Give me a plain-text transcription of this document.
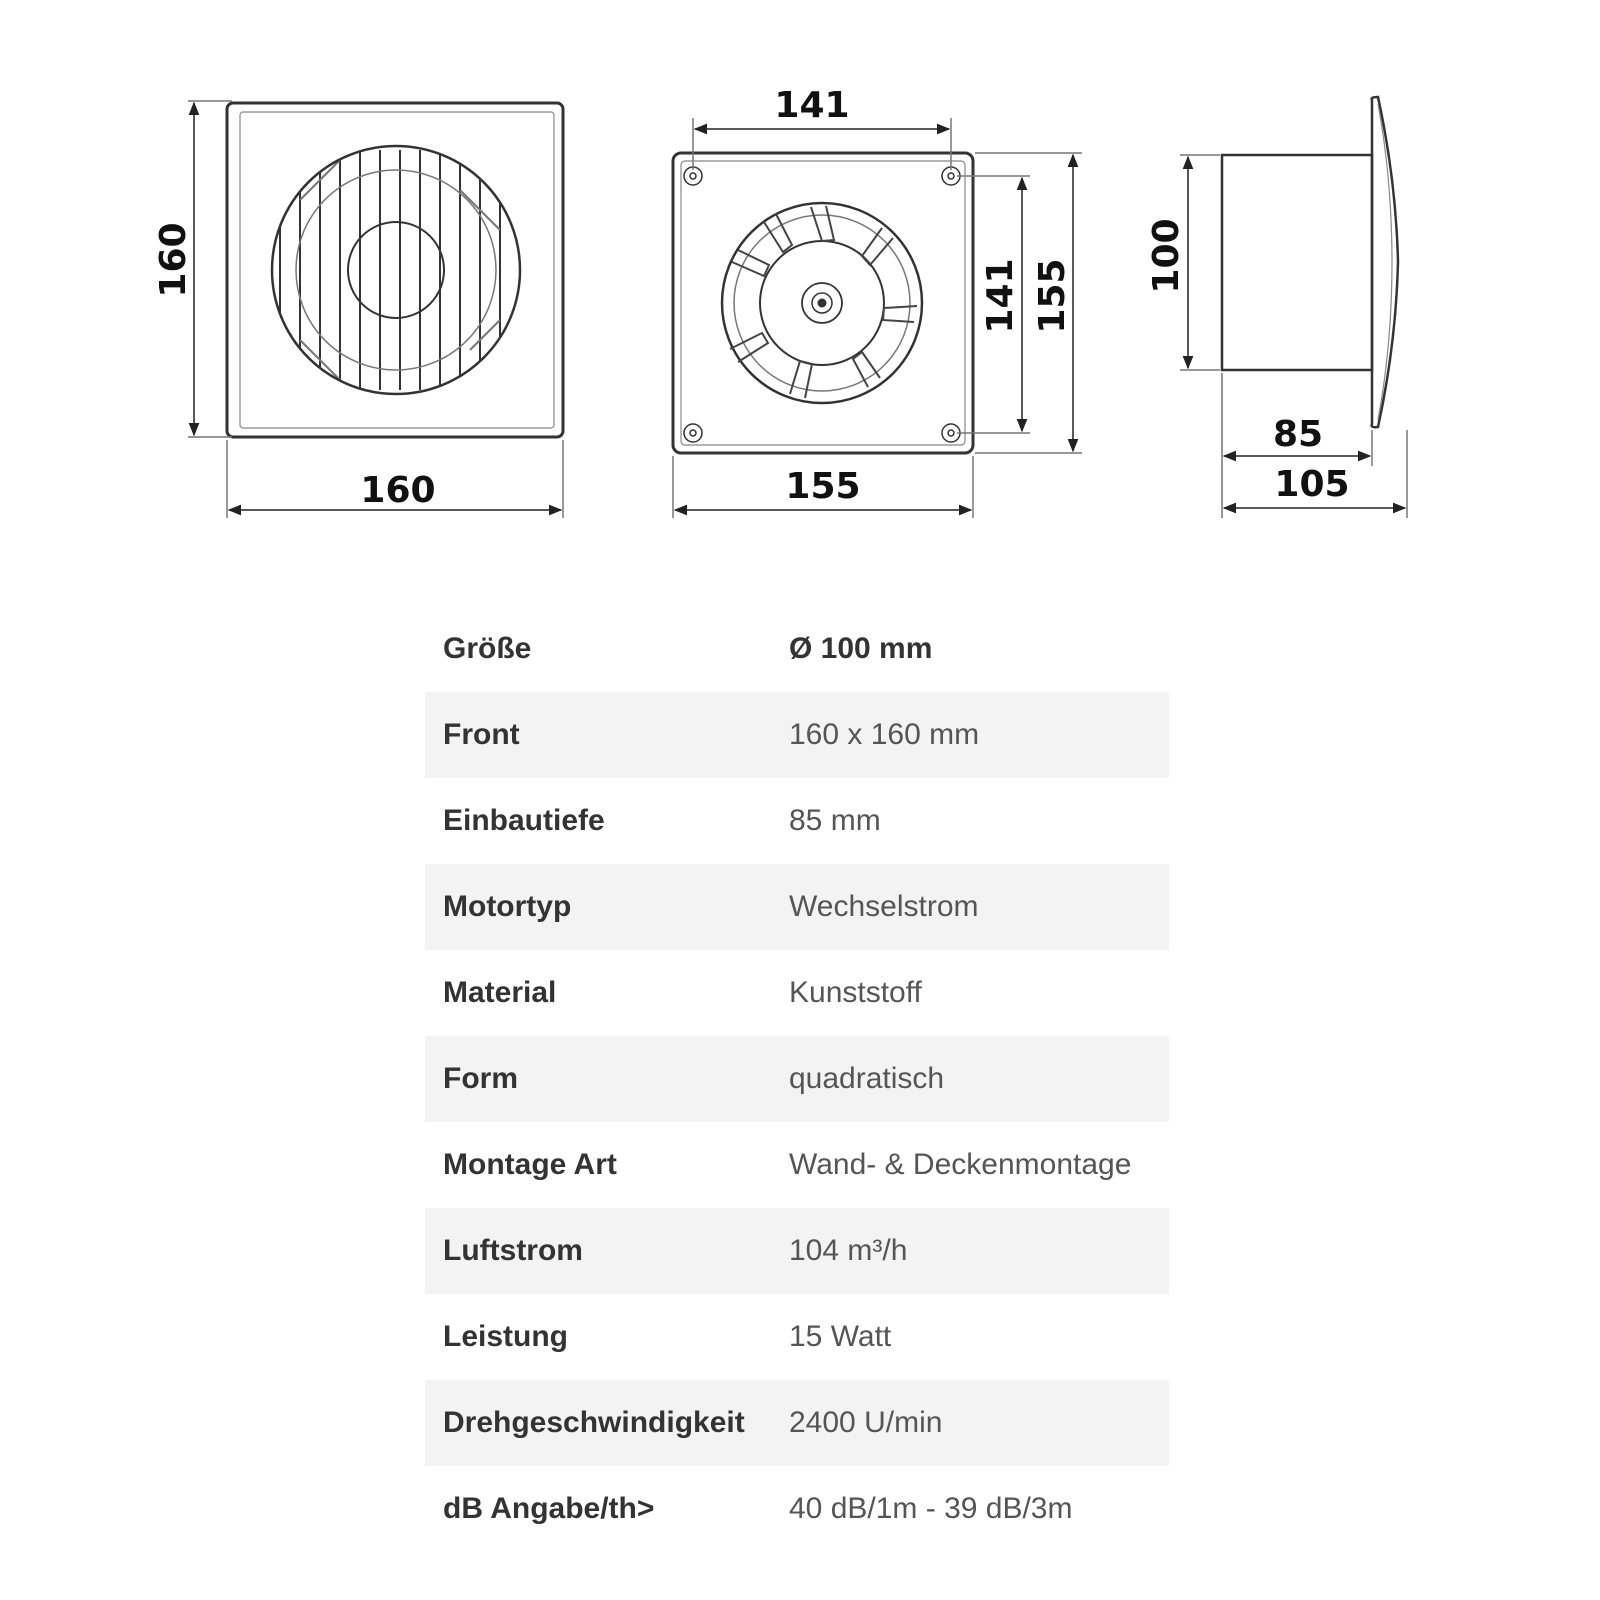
160
160
141
141 155
155
100
85
105
Größe	Ø 100 mm
Front	160 x 160 mm
Einbautiefe	85 mm
Motortyp	Wechselstrom
Material	Kunststoff
Form	quadratisch
Montage Art	Wand- & Deckenmontage
Luftstrom	104 m³/h
Leistung	15 Watt
Drehgeschwindigkeit	2400 U/min
dB Angabe/th>	40 dB/1m - 39 dB/3m
